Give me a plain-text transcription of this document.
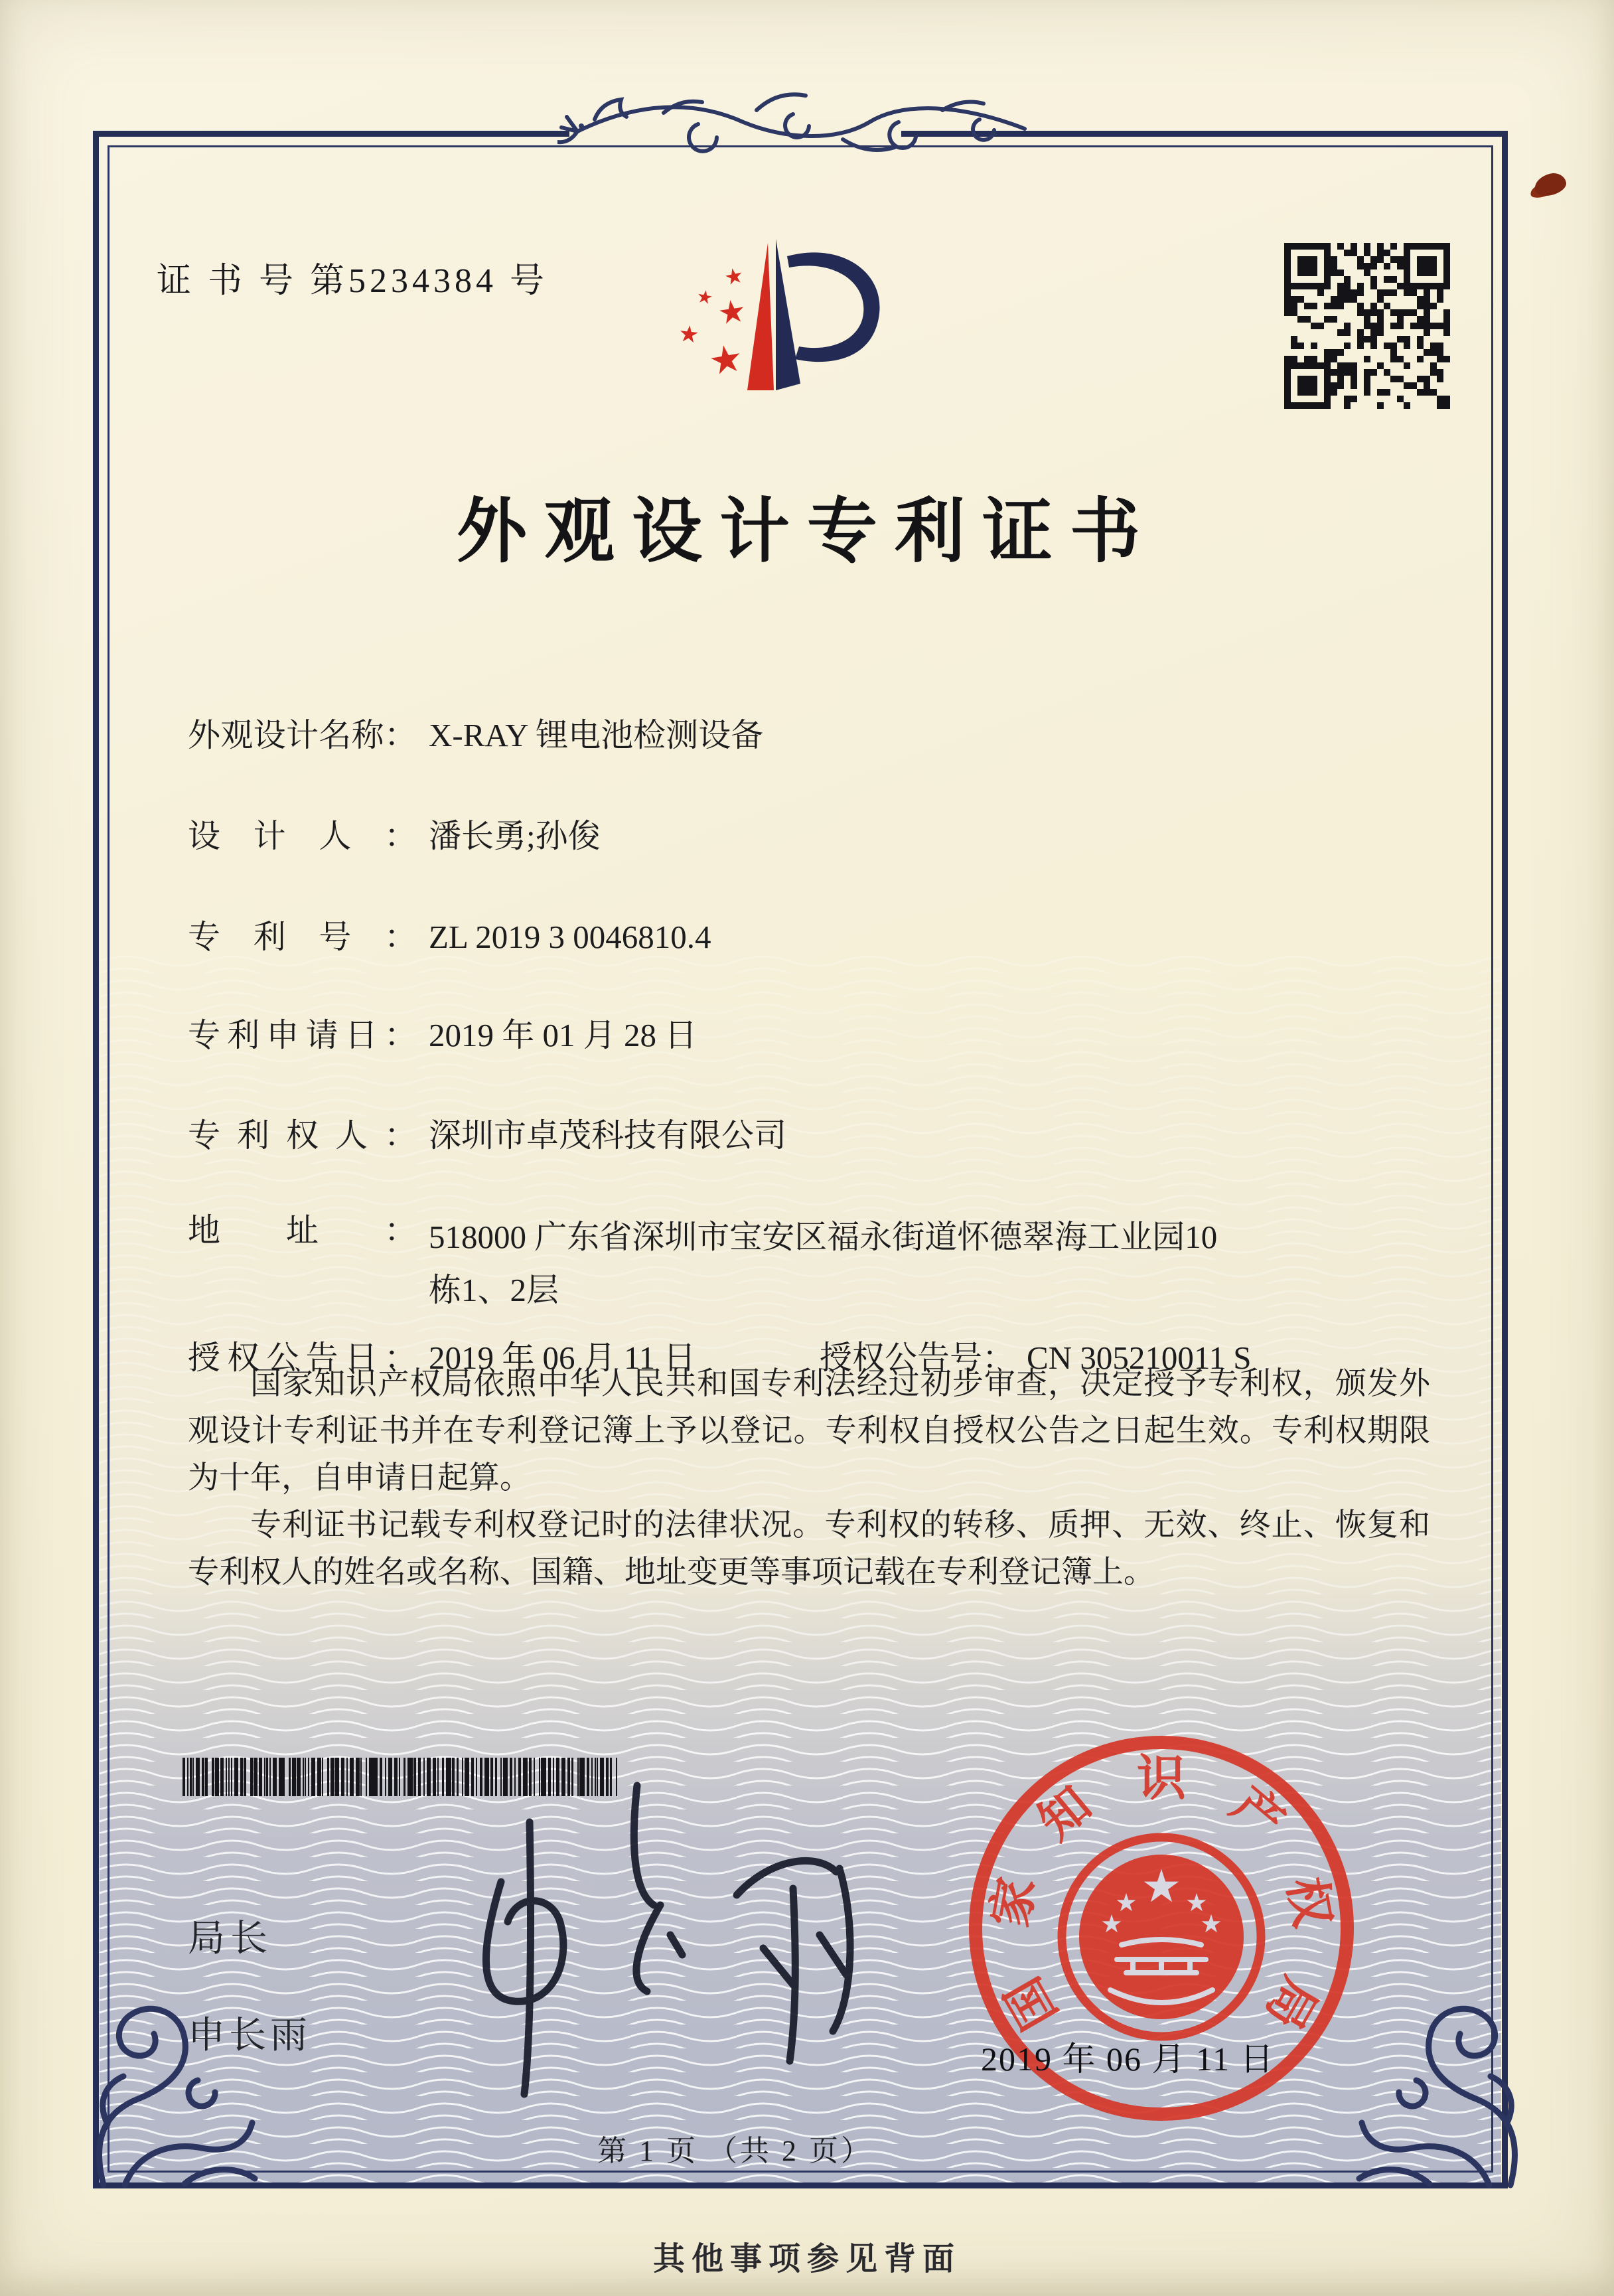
证 书 号 第5234384 号
外观设计专利证书
外观设计名称： X-RAY 锂电池检测设备
设计人： 潘长勇;孙俊
专利号： ZL 2019 3 0046810.4
专利申请日： 2019 年 01 月 28 日
专利权人： 深圳市卓茂科技有限公司
地址： 518000 广东省深圳市宝安区福永街道怀德翠海工业园10
栋1、2层
授权公告日： 2019 年 06 月 11 日	授权公告号： CN 305210011 S

国家知识产权局依照中华人民共和国专利法经过初步审查，决定授予专利权，颁发外观设计专利证书并在专利登记簿上予以登记。专利权自授权公告之日起生效。专利权期限为十年，自申请日起算。

专利证书记载专利权登记时的法律状况。专利权的转移、质押、无效、终止、恢复和专利权人的姓名或名称、国籍、地址变更等事项记载在专利登记簿上。

局长
申长雨	国
家
知 识 产
权
局
2019 年 06 月 11 日
第 1 页 （共 2 页）
其他事项参见背面
